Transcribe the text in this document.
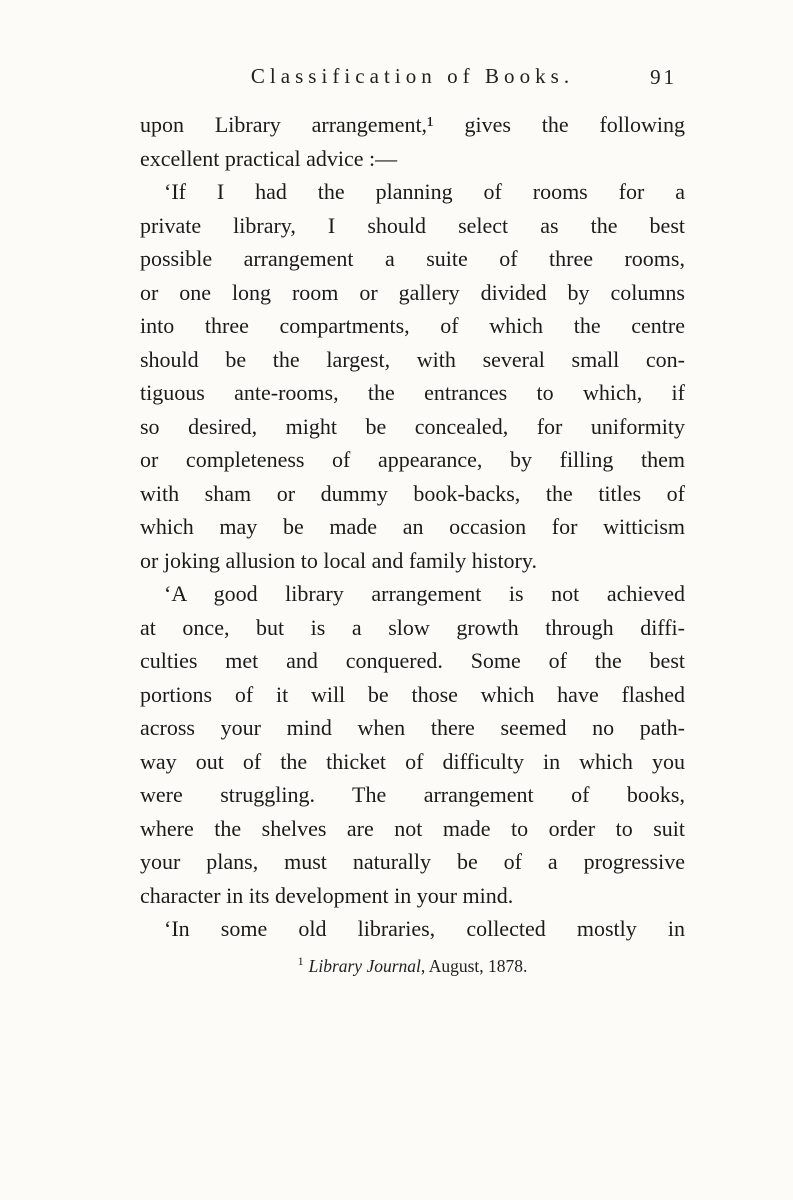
Classification of Books.	91
upon Library arrangement,¹ gives the following
excellent practical advice :—
‘If I had the planning of rooms for a
private library, I should select as the best
possible arrangement a suite of three rooms,
or one long room or gallery divided by columns
into three compartments, of which the centre
should be the largest, with several small con-
tiguous ante-rooms, the entrances to which, if
so desired, might be concealed, for uniformity
or completeness of appearance, by filling them
with sham or dummy book-backs, the titles of
which may be made an occasion for witticism
or joking allusion to local and family history.
‘A good library arrangement is not achieved
at once, but is a slow growth through diffi-
culties met and conquered. Some of the best
portions of it will be those which have flashed
across your mind when there seemed no path-
way out of the thicket of difficulty in which you
were struggling. The arrangement of books,
where the shelves are not made to order to suit
your plans, must naturally be of a progressive
character in its development in your mind.
‘In some old libraries, collected mostly in
$^1$ Library Journal, August, 1878.
